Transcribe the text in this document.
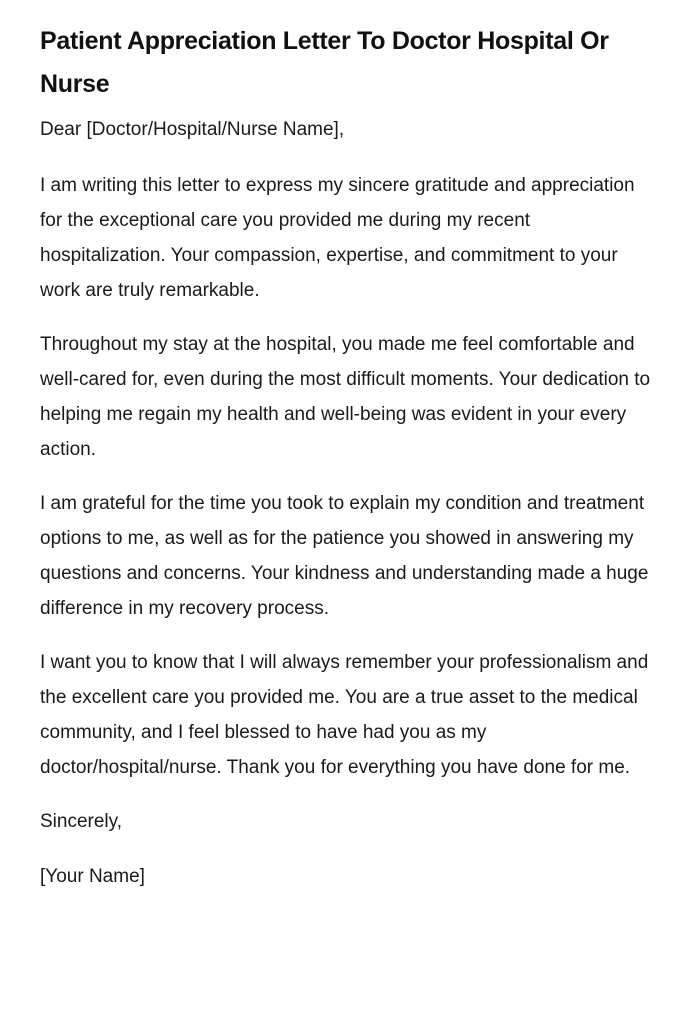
Patient Appreciation Letter To Doctor Hospital Or Nurse

Dear [Doctor/Hospital/Nurse Name],

I am writing this letter to express my sincere gratitude and appreciation for the exceptional care you provided me during my recent hospitalization. Your compassion, expertise, and commitment to your work are truly remarkable.

Throughout my stay at the hospital, you made me feel comfortable and well-cared for, even during the most difficult moments. Your dedication to helping me regain my health and well-being was evident in your every action.

I am grateful for the time you took to explain my condition and treatment options to me, as well as for the patience you showed in answering my questions and concerns. Your kindness and understanding made a huge difference in my recovery process.

I want you to know that I will always remember your professionalism and the excellent care you provided me. You are a true asset to the medical community, and I feel blessed to have had you as my doctor/hospital/nurse. Thank you for everything you have done for me.

Sincerely,

[Your Name]
